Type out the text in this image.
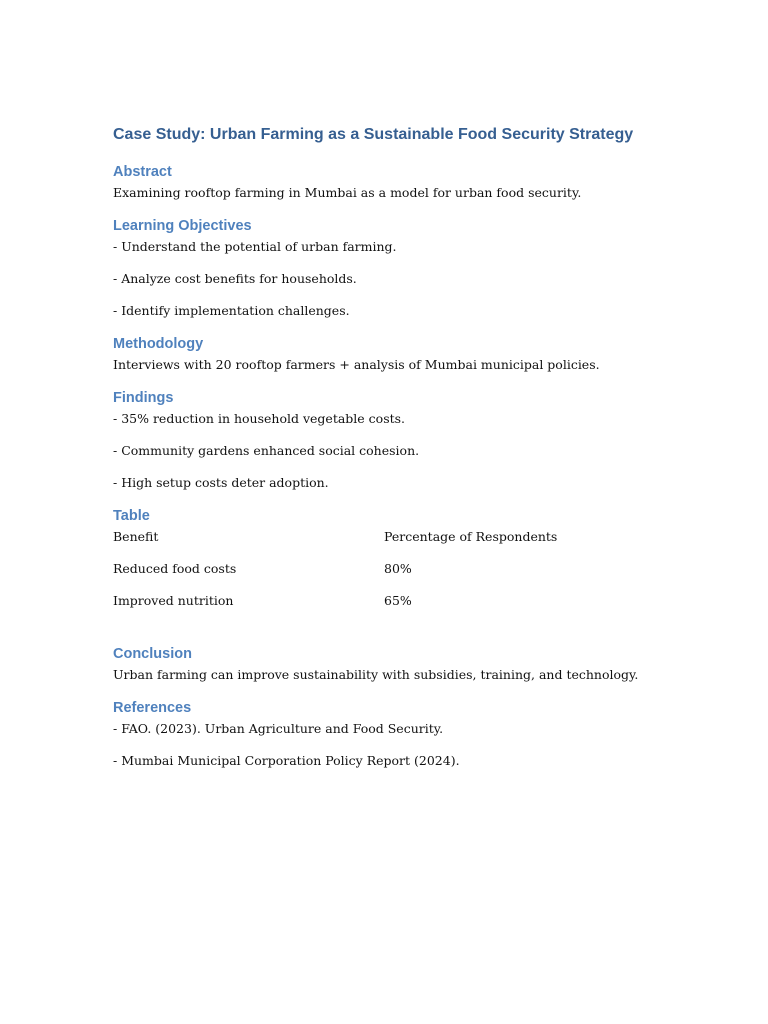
Case Study: Urban Farming as a Sustainable Food Security Strategy
Abstract

Examining rooftop farming in Mumbai as a model for urban food security.

Learning Objectives
- Understand the potential of urban farming.
- Analyze cost benefits for households.
- Identify implementation challenges.
Methodology

Interviews with 20 rooftop farmers + analysis of Mumbai municipal policies.

Findings
- 35% reduction in household vegetable costs.
- Community gardens enhanced social cohesion.
- High setup costs deter adoption.
Table
Benefit	Percentage of Respondents
Reduced food costs	80%
Improved nutrition	65%
Conclusion

Urban farming can improve sustainability with subsidies, training, and technology.

References
- FAO. (2023). Urban Agriculture and Food Security.
- Mumbai Municipal Corporation Policy Report (2024).
